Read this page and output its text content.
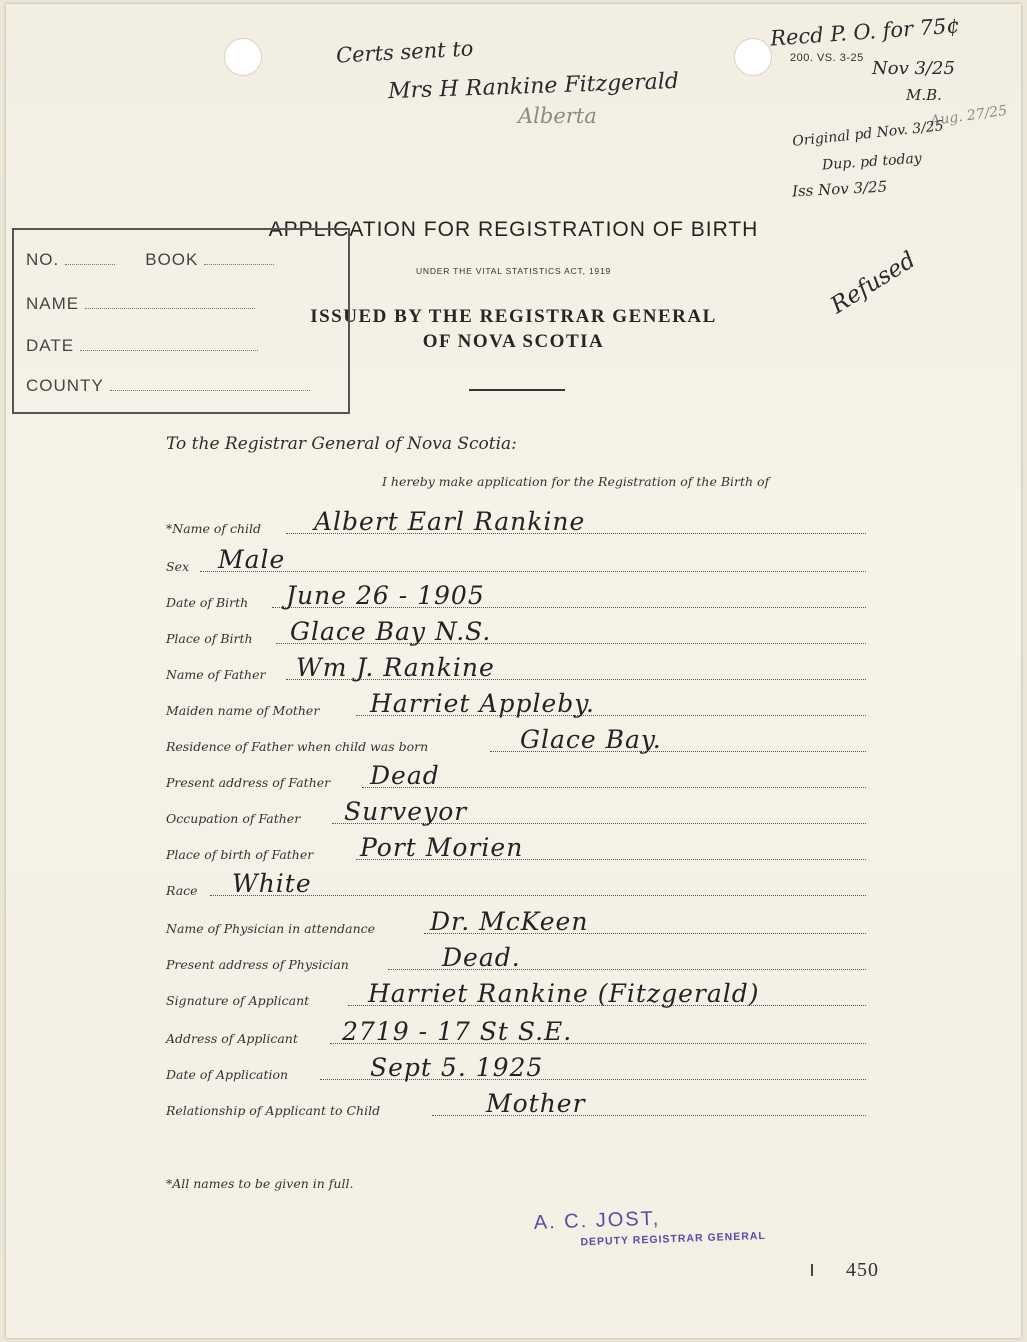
Certs sent to
Mrs H Rankine Fitzgerald
Alberta
Recd P. O. for 75¢
200. VS. 3-25 Nov 3/25
M.B.
Aug. 27/25
Original pd Nov. 3/25
Dup. pd today
Iss Nov 3/25
Refused
APPLICATION FOR REGISTRATION OF BIRTH
UNDER THE VITAL STATISTICS ACT, 1919
ISSUED BY THE REGISTRAR GENERAL
OF NOVA SCOTIA
NO.	BOOK
NAME
DATE
COUNTY
To the Registrar General of Nova Scotia:
I hereby make application for the Registration of the Birth of
*Name of child Albert Earl Rankine
Sex Male
Date of Birth June 26 - 1905
Place of Birth Glace Bay N.S.
Name of Father Wm J. Rankine
Maiden name of Mother Harriet Appleby.
Residence of Father when child was born	Glace Bay.
Present address of Father Dead
Occupation of Father Surveyor
Place of birth of Father Port Morien
Race White
Name of Physician in attendance Dr. McKeen
Present address of Physician	Dead.
Signature of Applicant Harriet Rankine (Fitzgerald)
Address of Applicant 2719 - 17 St S.E.
Date of Application	Sept 5. 1925
Relationship of Applicant to Child	Mother
*All names to be given in full.
A. C. JOST,
DEPUTY REGISTRAR GENERAL
450
